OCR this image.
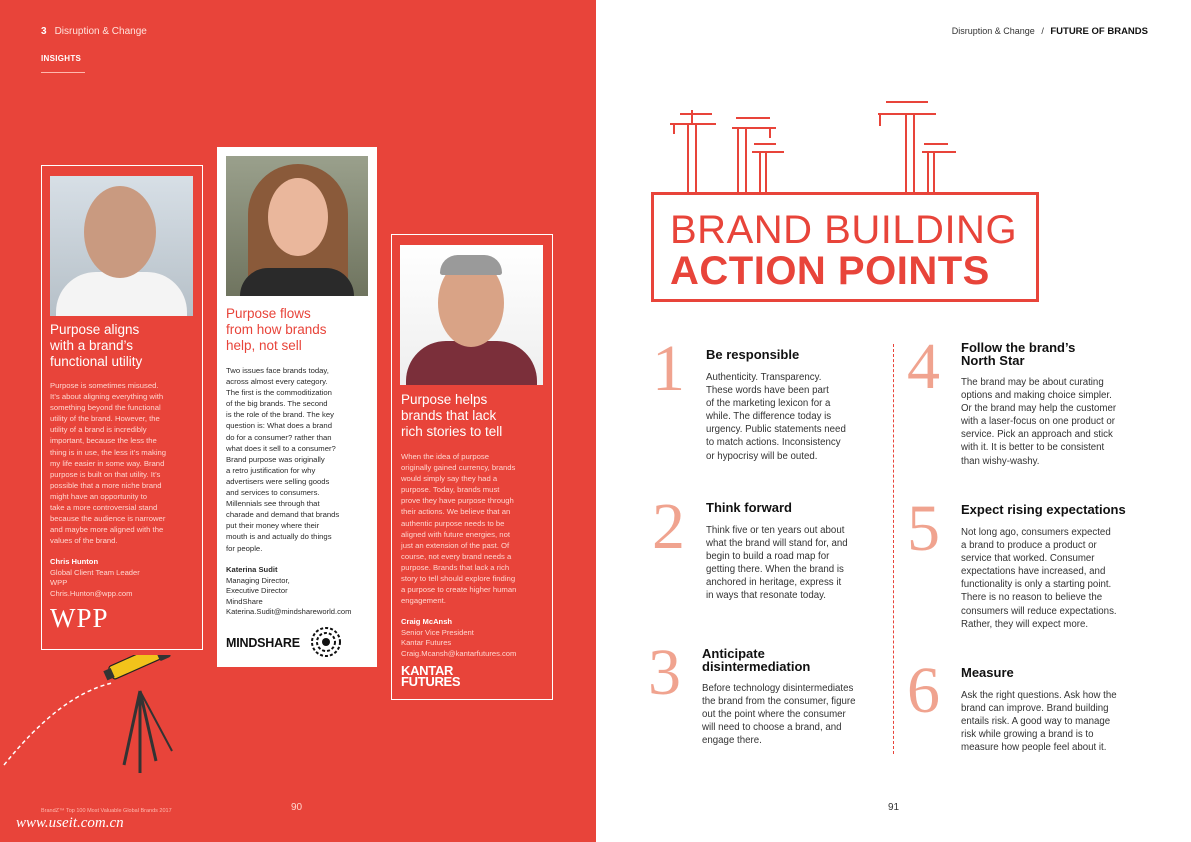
3 Disruption & Change
INSIGHTS
Purpose aligns
with a brand’s
functional utility
Purpose is sometimes misused.
It’s about aligning everything with
something beyond the functional
utility of the brand. However, the
utility of a brand is incredibly
important, because the less the
thing is in use, the less it’s making
my life easier in some way. Brand
purpose is built on that utility. It’s
possible that a more niche brand
might have an opportunity to
take a more controversial stand
because the audience is narrower
and maybe more aligned with the
values of the brand.
Chris Hunton
Global Client Team Leader
WPP
Chris.Hunton@wpp.com
WPP
Purpose flows
from how brands
help, not sell
Two issues face brands today,
across almost every category.
The first is the commoditization
of the big brands. The second
is the role of the brand. The key
question is: What does a brand
do for a consumer? rather than
what does it sell to a consumer?
Brand purpose was originally
a retro justification for why
advertisers were selling goods
and services to consumers.
Millennials see through that
charade and demand that brands
put their money where their
mouth is and actually do things
for people.
Katerina Sudit
Managing Director,
Executive Director
MindShare
Katerina.Sudit@mindshareworld.com
MINDSHARE
Purpose helps
brands that lack
rich stories to tell
When the idea of purpose
originally gained currency, brands
would simply say they had a
purpose. Today, brands must
prove they have purpose through
their actions. We believe that an
authentic purpose needs to be
aligned with future energies, not
just an extension of the past. Of
course, not every brand needs a
purpose. Brands that lack a rich
story to tell should explore finding
a purpose to create higher human
engagement.
Craig McAnsh
Senior Vice President
Kantar Futures
Craig.Mcansh@kantarfutures.com
KANTAR
FUTURES
BrandZ™ Top 100 Most Valuable Global Brands 2017	90
www.useit.com.cn
Disruption & Change / FUTURE OF BRANDS
BRAND BUILDING
ACTION POINTS
1 Be responsible
Authenticity. Transparency.
These words have been part
of the marketing lexicon for a
while. The difference today is
urgency. Public statements need
to match actions. Inconsistency
or hypocrisy will be outed.
2 Think forward
Think five or ten years out about
what the brand will stand for, and
begin to build a road map for
getting there. When the brand is
anchored in heritage, express it
in ways that resonate today.
3 Anticipate
disintermediation
Before technology disintermediates
the brand from the consumer, figure
out the point where the consumer
will need to choose a brand, and
engage there.
4 Follow the brand’s
North Star
The brand may be about curating
options and making choice simpler.
Or the brand may help the customer
with a laser-focus on one product or
service. Pick an approach and stick
with it. It is better to be consistent
than wishy-washy.
5 Expect rising expectations
Not long ago, consumers expected
a brand to produce a product or
service that worked. Consumer
expectations have increased, and
functionality is only a starting point.
There is no reason to believe the
consumers will reduce expectations.
Rather, they will expect more.
6 Measure
Ask the right questions. Ask how the
brand can improve. Brand building
entails risk. A good way to manage
risk while growing a brand is to
measure how people feel about it.
91
